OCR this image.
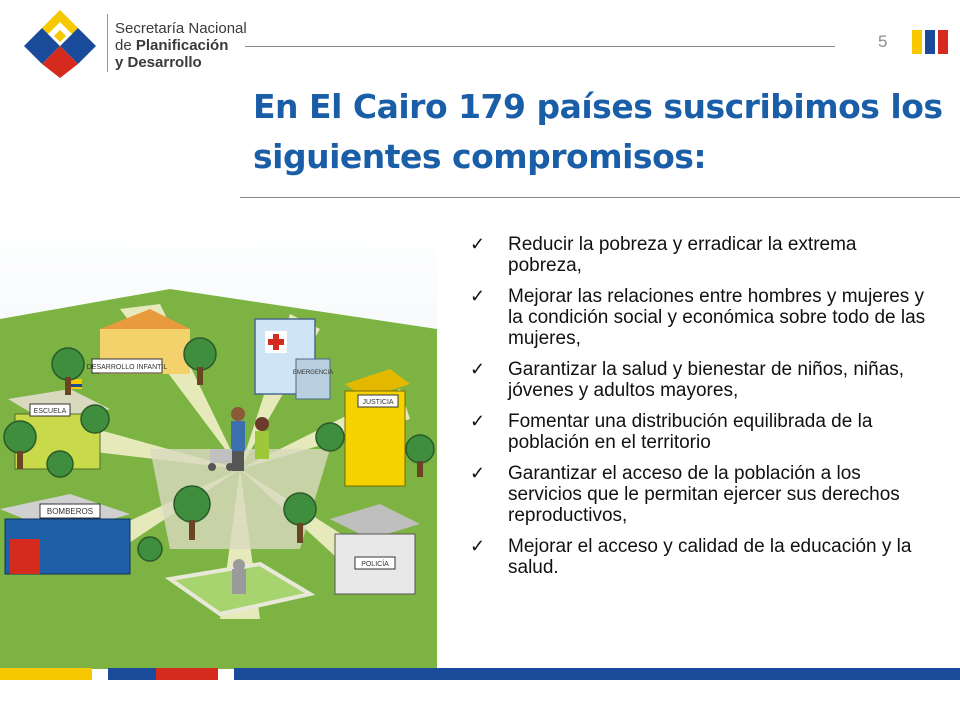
Secretaría Nacional
de Planificación
y Desarrollo
5
En El Cairo 179 países suscribimos los
siguientes compromisos:
DESARROLLO INFANTIL
EMERGENCIA
ESCUELA
JUSTICIA
BOMBEROS
POLICÍA
✓ Reducir la pobreza y erradicar la extrema pobreza,
✓ Mejorar las relaciones entre hombres y mujeres y la condición social y económica sobre todo de las mujeres,
✓ Garantizar la salud y bienestar de niños, niñas, jóvenes y adultos mayores,
✓ Fomentar una distribución equilibrada de la población en el territorio
✓ Garantizar el acceso de la población a los servicios que le permitan ejercer sus derechos reproductivos,
✓ Mejorar el acceso y calidad de la educación y la salud.
